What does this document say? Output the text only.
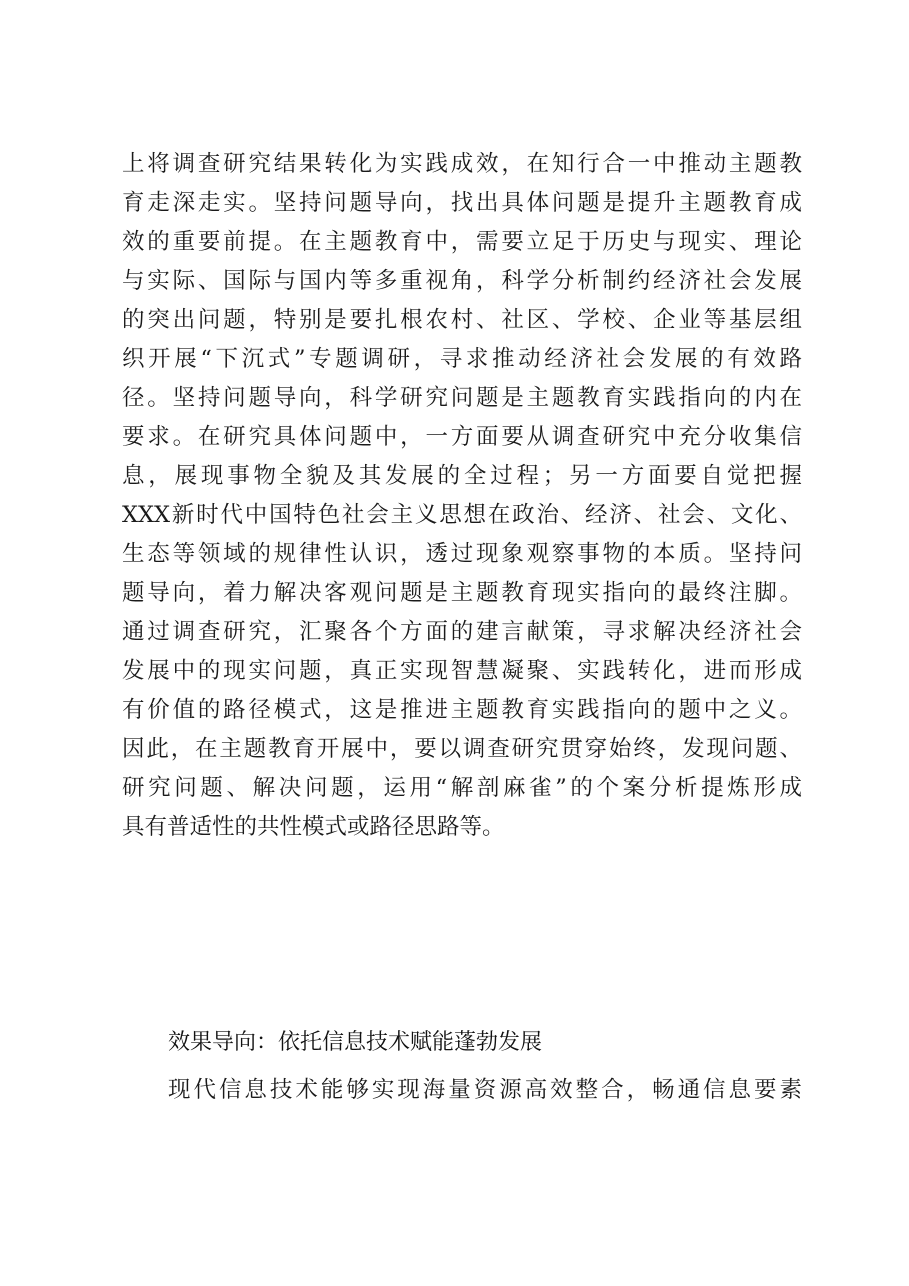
上将调查研究结果转化为实践成效，在知行合一中推动主题教
育走深走实。坚持问题导向，找出具体问题是提升主题教育成
效的重要前提。在主题教育中，需要立足于历史与现实、理论
与实际、国际与国内等多重视角，科学分析制约经济社会发展
的突出问题，特别是要扎根农村、社区、学校、企业等基层组
织开展“下沉式”专题调研，寻求推动经济社会发展的有效路
径。坚持问题导向，科学研究问题是主题教育实践指向的内在
要求。在研究具体问题中，一方面要从调查研究中充分收集信
息，展现事物全貌及其发展的全过程；另一方面要自觉把握
XXX新时代中国特色社会主义思想在政治、经济、社会、文化、
生态等领域的规律性认识，透过现象观察事物的本质。坚持问
题导向，着力解决客观问题是主题教育现实指向的最终注脚。
通过调查研究，汇聚各个方面的建言献策，寻求解决经济社会
发展中的现实问题，真正实现智慧凝聚、实践转化，进而形成
有价值的路径模式，这是推进主题教育实践指向的题中之义。
因此，在主题教育开展中，要以调查研究贯穿始终，发现问题、
研究问题、解决问题，运用“解剖麻雀”的个案分析提炼形成
具有普适性的共性模式或路径思路等。
效果导向：依托信息技术赋能蓬勃发展
现代信息技术能够实现海量资源高效整合，畅通信息要素
